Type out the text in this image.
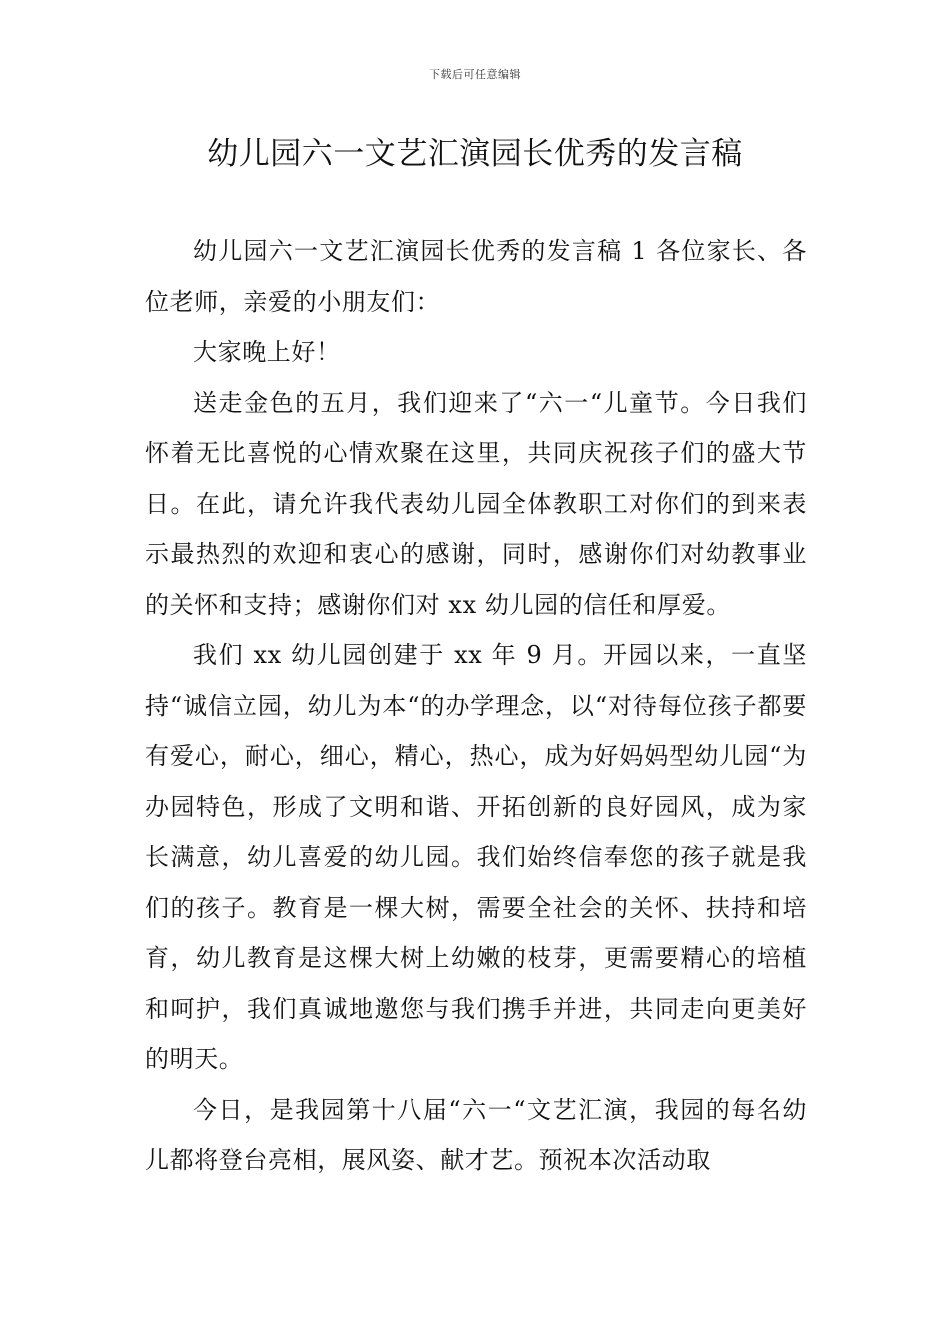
下载后可任意编辑
幼儿园六一文艺汇演园长优秀的发言稿

幼儿园六一文艺汇演园长优秀的发言稿 1 各位家长、各位老师，亲爱的小朋友们：

大家晚上好！

送走金色的五月，我们迎来了“六一“儿童节。今日我们怀着无比喜悦的心情欢聚在这里，共同庆祝孩子们的盛大节日。在此，请允许我代表幼儿园全体教职工对你们的到来表示最热烈的欢迎和衷心的感谢，同时，感谢你们对幼教事业的关怀和支持；感谢你们对 xx 幼儿园的信任和厚爱。

我们 xx 幼儿园创建于 xx 年 9 月。开园以来，一直坚持“诚信立园，幼儿为本“的办学理念，以“对待每位孩子都要有爱心，耐心，细心，精心，热心，成为好妈妈型幼儿园“为办园特色，形成了文明和谐、开拓创新的良好园风，成为家长满意，幼儿喜爱的幼儿园。我们始终信奉您的孩子就是我们的孩子。教育是一棵大树，需要全社会的关怀、扶持和培育，幼儿教育是这棵大树上幼嫩的枝芽，更需要精心的培植和呵护，我们真诚地邀您与我们携手并进，共同走向更美好的明天。

今日，是我园第十八届“六一“文艺汇演，我园的每名幼儿都将登台亮相，展风姿、献才艺。预祝本次活动取
